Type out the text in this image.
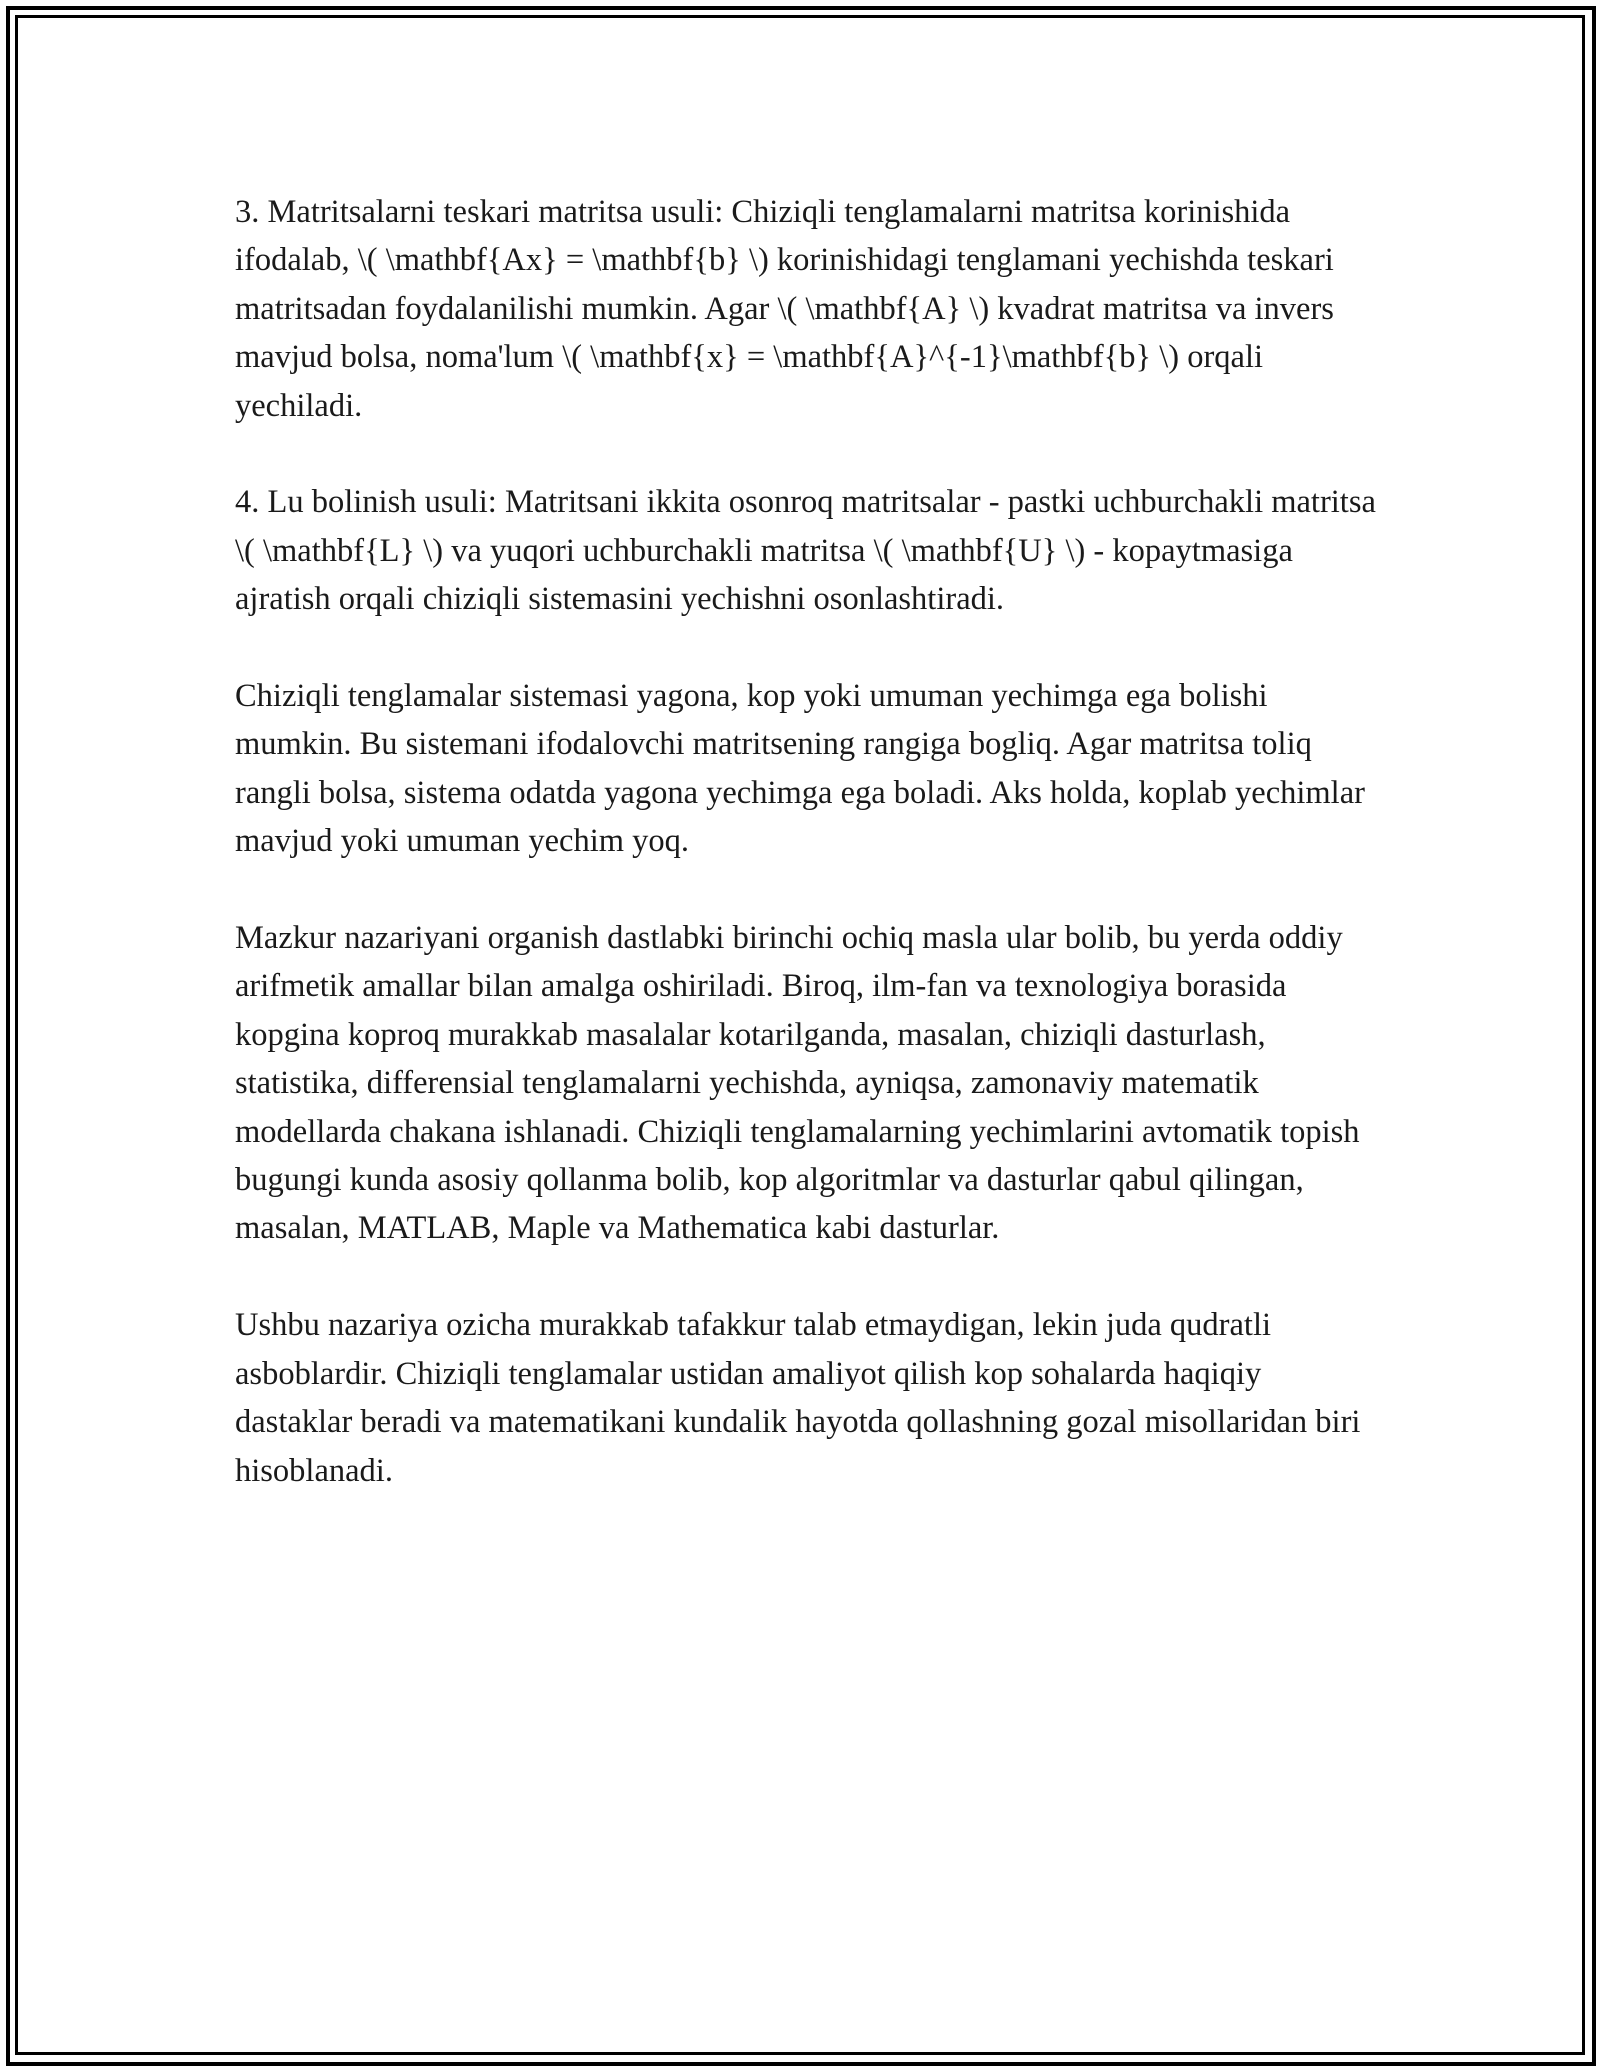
3. Matritsalarni teskari matritsa usuli: Chiziqli tenglamalarni matritsa korinishida ifodalab, \( \mathbf{Ax} = \mathbf{b} \) korinishidagi tenglamani yechishda teskari matritsadan foydalanilishi mumkin. Agar \( \mathbf{A} \) kvadrat matritsa va invers mavjud bolsa, noma'lum \( \mathbf{x} = \mathbf{A}^{-1}\mathbf{b} \) orqali yechiladi.

4. Lu bolinish usuli: Matritsani ikkita osonroq matritsalar - pastki uchburchakli matritsa \( \mathbf{L} \) va yuqori uchburchakli matritsa \( \mathbf{U} \) - kopaytmasiga ajratish orqali chiziqli sistemasini yechishni osonlashtiradi.

Chiziqli tenglamalar sistemasi yagona, kop yoki umuman yechimga ega bolishi mumkin. Bu sistemani ifodalovchi matritsening rangiga bogliq. Agar matritsa toliq rangli bolsa, sistema odatda yagona yechimga ega boladi. Aks holda, koplab yechimlar mavjud yoki umuman yechim yoq.

Mazkur nazariyani organish dastlabki birinchi ochiq masla ular bolib, bu yerda oddiy arifmetik amallar bilan amalga oshiriladi. Biroq, ilm-fan va texnologiya borasida kopgina koproq murakkab masalalar kotarilganda, masalan, chiziqli dasturlash, statistika, differensial tenglamalarni yechishda, ayniqsa, zamonaviy matematik modellarda chakana ishlanadi. Chiziqli tenglamalarning yechimlarini avtomatik topish bugungi kunda asosiy qollanma bolib, kop algoritmlar va dasturlar qabul qilingan, masalan, MATLAB, Maple va Mathematica kabi dasturlar.

Ushbu nazariya ozicha murakkab tafakkur talab etmaydigan, lekin juda qudratli asboblardir. Chiziqli tenglamalar ustidan amaliyot qilish kop sohalarda haqiqiy dastaklar beradi va matematikani kundalik hayotda qollashning gozal misollaridan biri hisoblanadi.
